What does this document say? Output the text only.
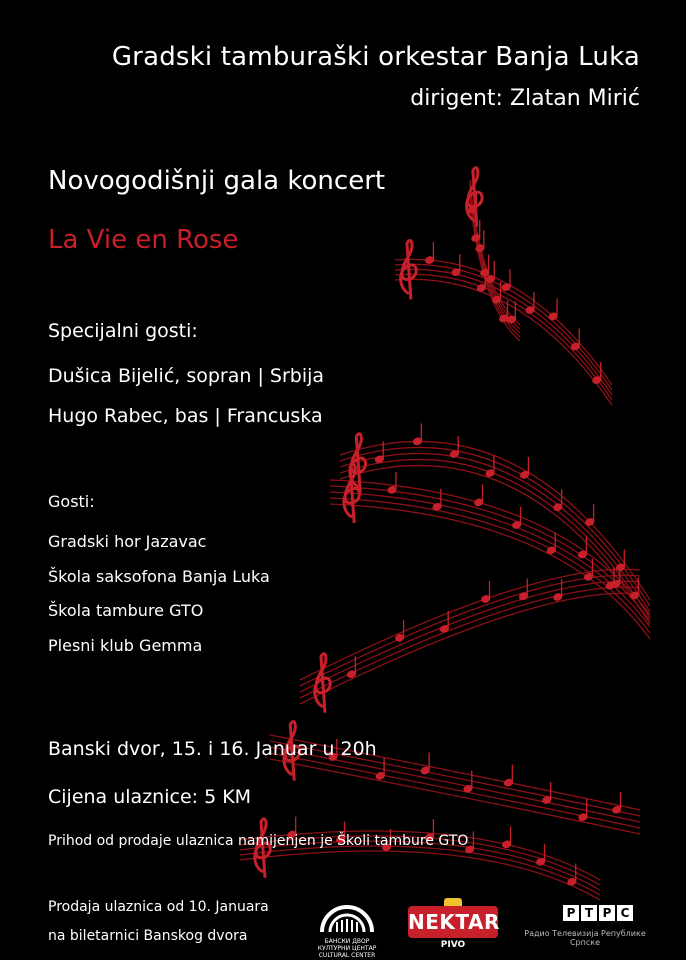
Gradski tamburaški orkestar Banja Luka
dirigent: Zlatan Mirić
Novogodišnji gala koncert
La Vie en Rose
Specijalni gosti:
Dušica Bijelić, sopran | Srbija
Hugo Rabec, bas | Francuska
Gosti:
Gradski hor Jazavac
Škola saksofona Banja Luka
Škola tambure GTO
Plesni klub Gemma
Banski dvor, 15. i 16. Januar u 20h
Cijena ulaznice: 5 KM
Prihod od prodaje ulaznica namijenjen je Školi tambure GTO
Prodaja ulaznica od 10. Januara
na biletarnici Banskog dvora	БАНСКИ ДВОР КУЛТУРНИ ЦЕНТАР CULTURAL CENTER
NEKTAR
PIVO
Р Т Р С
Радио Телевизија Републике Српске
